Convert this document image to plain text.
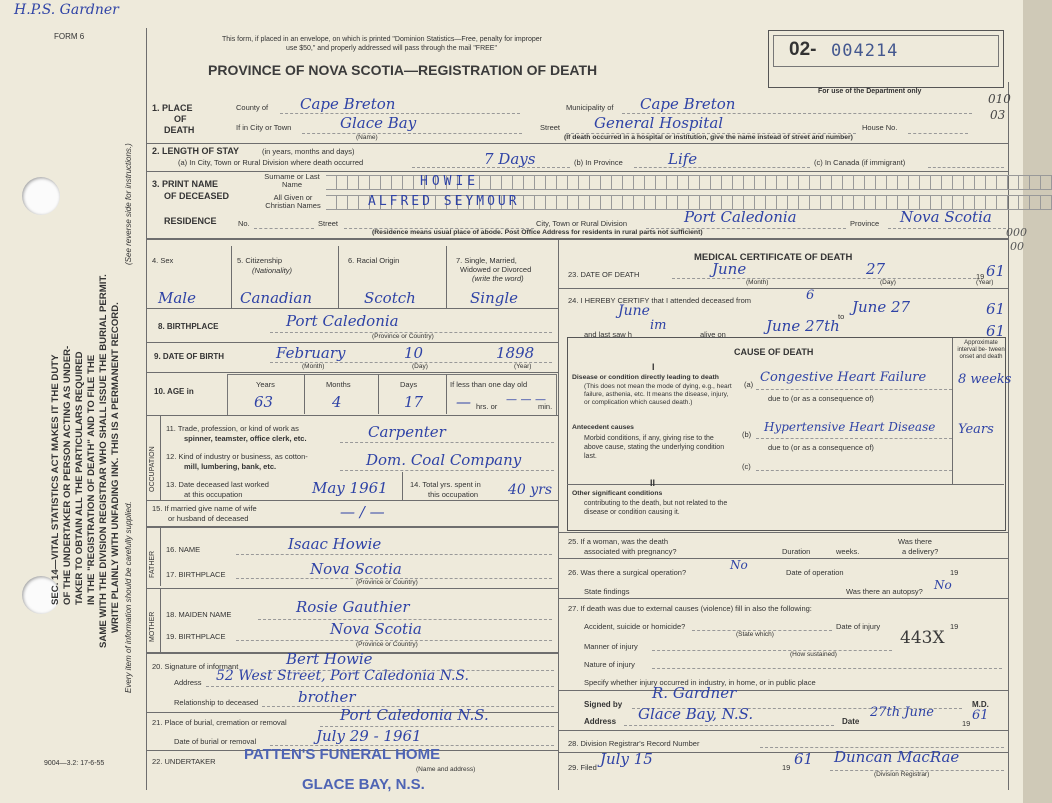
H.P.S. Gardner
FORM 6
SEC. 14—VITAL STATISTICS ACT MAKES IT THE DUTY OF THE UNDERTAKER OR PERSON ACTING AS UNDER- TAKER TO OBTAIN ALL THE PARTICULARS REQUIRED IN THE "REGISTRATION OF DEATH" AND TO FILE THE SAME WITH THE DIVISION REGISTRAR WHO SHALL ISSUE THE BURIAL PERMIT. WRITE PLAINLY WITH UNFADING INK. THIS IS A PERMANENT RECORD.
(See reverse side for instructions.)
Every item of information should be carefully supplied.
9004—3.2: 17-6-55
This form, if placed in an envelope, on which is printed "Dominion Statistics—Free, penalty for improper
use $50," and properly addressed will pass through the mail "FREE"
PROVINCE OF NOVA SCOTIA—REGISTRATION OF DEATH
02- 004214
For use of the Department only
010
03
1. PLACE
OF
DEATH
County of Cape Breton	Municipality of Cape Breton
If in City or Town	Glace Bay
(Name)
Street General Hospital	House No.
(If death occurred in a hospital or institution, give the name instead of street and number)
2. LENGTH OF STAY	(in years, months and days)
(a) In City, Town or Rural Division where death occurred	7 Days	(b) In Province	Life	(c) In Canada (if immigrant)
3. PRINT NAME
OF DECEASED
Surname or Last Name
All Given or Christian Names
HOWIE
ALFRED SEYMOUR
RESIDENCE	No.	Street	City, Town or Rural Division	Port Caledonia	Province Nova Scotia
(Residence means usual place of abode. Post Office Address for residents in rural parts not sufficient)	000
00
4. Sex
Male
5. Citizenship
(Nationality)
Canadian
6. Racial Origin
Scotch
7. Single, Married,
Widowed or Divorced
(write the word)
Single
8. BIRTHPLACE	Port Caledonia
(Province or Country)
9. DATE OF BIRTH	February	10	1898
(Month)	(Day)	(Year)
10. AGE in
Years
63
Months
4
Days
17
If less than one day old
— hrs. or
— — —
min.
OCCUPATION
11. Trade, profession, or kind of work as
spinner, teamster, office clerk, etc.	Carpenter
12. Kind of industry or business, as cotton-
mill, lumbering, bank, etc.	Dom. Coal Company
13. Date deceased last worked
at this occupation	May 1961	14. Total yrs. spent in
this occupation 40 yrs
15. If married give name of wife
or husband of deceased	— / —
FATHER
16. NAME	Isaac Howie
17. BIRTHPLACE	Nova Scotia
(Province or Country)
MOTHER 18. MAIDEN NAME	Rosie Gauthier
19. BIRTHPLACE	Nova Scotia
(Province or Country)
20. Signature of informant	Bert Howie
Address 52 West Street, Port Caledonia N.S.
Relationship to deceased	brother
21. Place of burial, cremation or removal	Port Caledonia N.S.
Date of burial or removal	July 29 - 1961
22. UNDERTAKER PATTEN'S FUNERAL HOME
(Name and address)
GLACE BAY, N.S.
MEDICAL CERTIFICATE OF DEATH
23. DATE OF DEATH	June	27	19 61
(Month)	(Day)	(Year)
24. I HEREBY CERTIFY that I attended deceased from
June
6
to
June 27	61
and last saw h
im
alive on	June 27th	61
CAUSE OF DEATH
Approximate interval be- tween onset and death
I
Disease or condition directly leading to death
(This does not mean the mode of dying, e.g., heart failure, asthenia, etc. It means the disease, injury, or complication which caused death.)
(a) Congestive Heart Failure 8 weeks
due to (or as a consequence of)
Antecedent causes
Morbid conditions, if any, giving rise to the above cause, stating the underlying condition last.
(b)
Hypertensive Heart Disease Years
due to (or as a consequence of)
(c)
II
Other significant conditions
contributing to the death, but not related to the disease or condition causing it.
25. If a woman, was the death
associated with pregnancy?	Duration	weeks.
Was there
a delivery?
26. Was there a surgical operation?
No
Date of operation	19
State findings	Was there an autopsy? No
27. If death was due to external causes (violence) fill in also the following:
Accident, suicide or homicide?
(State which)
Date of injury	19
443X
Manner of injury
(How sustained)
Nature of injury
Specify whether injury occurred in industry, in home, or in public place
Signed by
R. Gardner
M.D.
Address Glace Bay, N.S.	Date
27th June
19
61
28. Division Registrar's Record Number
29. Filed July 15	19 61 Duncan MacRae
(Division Registrar)
